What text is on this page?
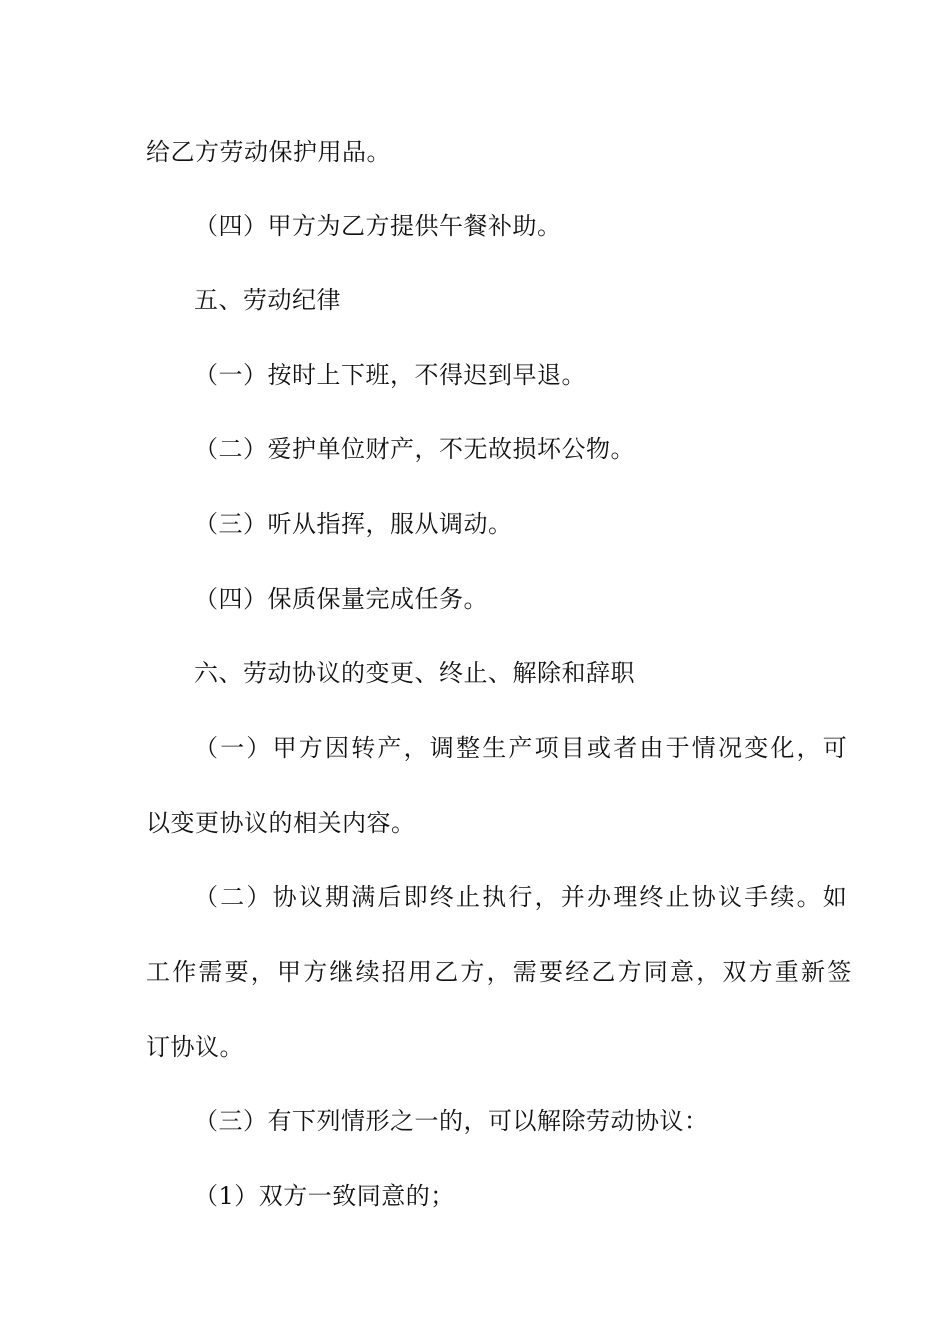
给乙方劳动保护用品。
（四）甲方为乙方提供午餐补助。
五、劳动纪律
（一）按时上下班，不得迟到早退。
（二）爱护单位财产，不无故损坏公物。
（三）听从指挥，服从调动。
（四）保质保量完成任务。
六、劳动协议的变更、终止、解除和辞职
（一）甲方因转产，调整生产项目或者由于情况变化，可
以变更协议的相关内容。
（二）协议期满后即终止执行，并办理终止协议手续。如
工作需要，甲方继续招用乙方，需要经乙方同意，双方重新签
订协议。
（三）有下列情形之一的，可以解除劳动协议：
（1）双方一致同意的；
